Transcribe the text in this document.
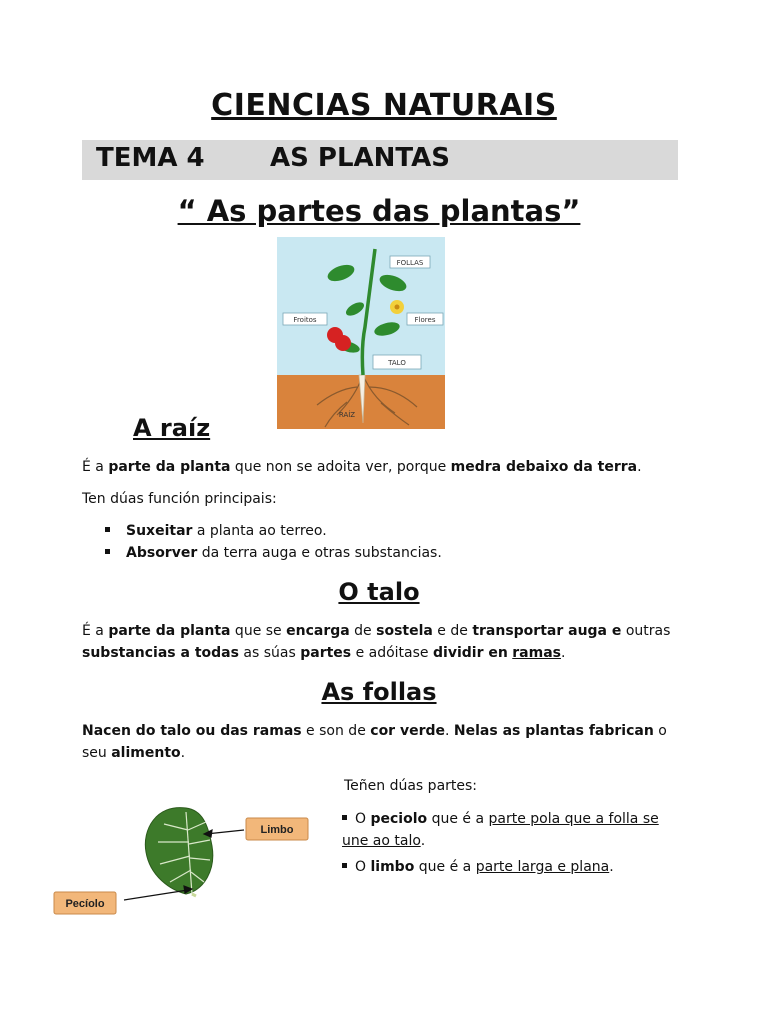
CIENCIAS NATURAIS
TEMA 4	AS PLANTAS
“ As partes das plantas”
FOLLAS
Froitos	Flores
TALO
RAÍZ
A raíz
É a parte da planta que non se adoita ver, porque medra debaixo da terra.
Ten dúas función principais:
Suxeitar a planta ao terreo.
Absorver da terra auga e otras substancias.
O talo
É a parte da planta que se encarga de sostela e de transportar auga e outras substancias a todas as súas partes e adóitase dividir en ramas.
As follas
Nacen do talo ou das ramas e son de cor verde. Nelas as plantas fabrican o seu alimento.
Limbo
Pecíolo
Teñen dúas partes:
O peciolo que é a parte pola que a folla se une ao talo.
O limbo que é a parte larga e plana.
